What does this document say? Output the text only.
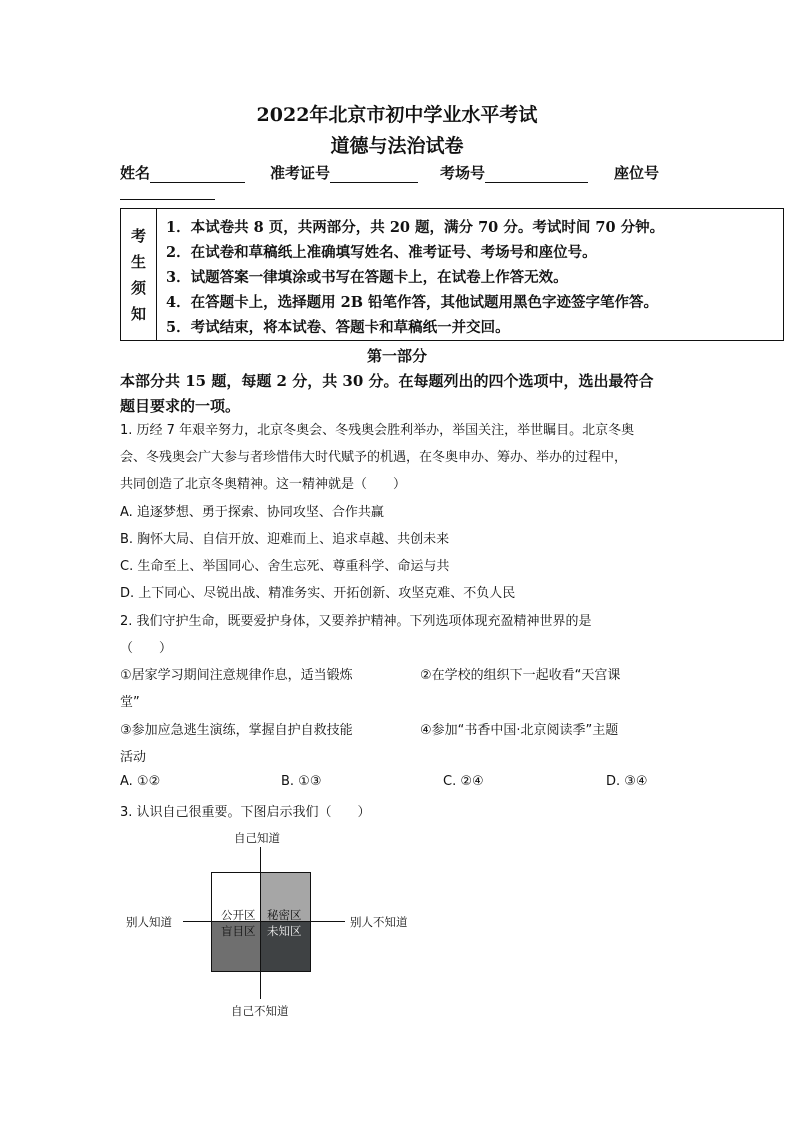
2022年北京市初中学业水平考试
道德与法治试卷
姓名	准考证号	考场号	座位号
考
生
须
知
1．本试卷共 8 页，共两部分，共 20 题，满分 70 分。考试时间 70 分钟。
2．在试卷和草稿纸上准确填写姓名、准考证号、考场号和座位号。
3．试题答案一律填涂或书写在答题卡上，在试卷上作答无效。
4．在答题卡上，选择题用 2B 铅笔作答，其他试题用黑色字迹签字笔作答。
5．考试结束，将本试卷、答题卡和草稿纸一并交回。
第一部分
本部分共 15 题，每题 2 分，共 30 分。在每题列出的四个选项中，选出最符合
题目要求的一项。
1. 历经 7 年艰辛努力，北京冬奥会、冬残奥会胜利举办，举国关注，举世瞩目。北京冬奥
会、冬残奥会广大参与者珍惜伟大时代赋予的机遇，在冬奥申办、筹办、举办的过程中，
共同创造了北京冬奥精神。这一精神就是（　　）
A. 追逐梦想、勇于探索、协同攻坚、合作共赢
B. 胸怀大局、自信开放、迎难而上、追求卓越、共创未来
C. 生命至上、举国同心、舍生忘死、尊重科学、命运与共
D. 上下同心、尽锐出战、精准务实、开拓创新、攻坚克难、不负人民
2. 我们守护生命，既要爱护身体，又要养护精神。下列选项体现充盈精神世界的是
（　　）
①居家学习期间注意规律作息，适当锻炼	②在学校的组织下一起收看“天宫课
堂”
③参加应急逃生演练，掌握自护自救技能	④参加“书香中国·北京阅读季”主题
活动
A. ①②	B. ①③	C. ②④	D. ③④
3. 认识自己很重要。下图启示我们（　　）
自己知道
自己不知道
别人知道	别人不知道
公开区 秘密区
盲目区 未知区
